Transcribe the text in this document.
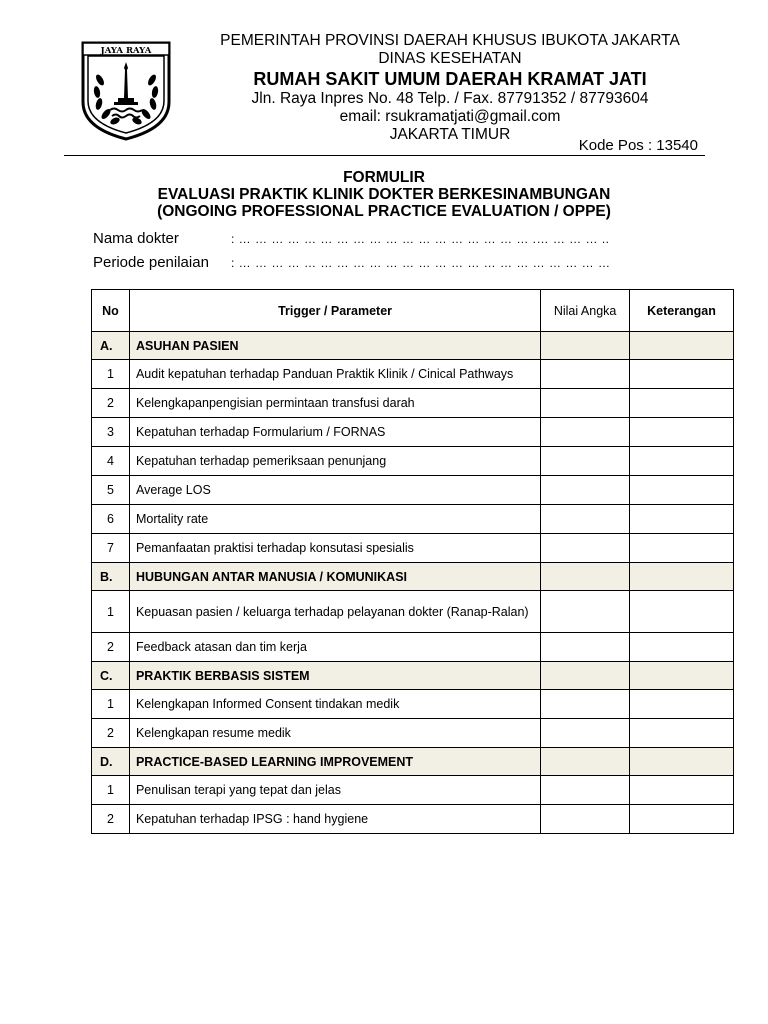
JAYA RAYA
PEMERINTAH PROVINSI DAERAH KHUSUS IBUKOTA JAKARTA
DINAS KESEHATAN
RUMAH SAKIT UMUM DAERAH KRAMAT JATI
Jln. Raya Inpres No. 48 Telp. / Fax. 87791352 / 87793604
email: rsukramatjati@gmail.com
JAKARTA TIMUR
Kode Pos : 13540
FORMULIR
EVALUASI PRAKTIK KLINIK DOKTER BERKESINAMBUNGAN
(ONGOING PROFESSIONAL PRACTICE EVALUATION / OPPE)
Nama dokter	: … … … … … … … … … … … … … … … … … … .… … … … ..
Periode penilaian	: … … … … … … … … … … … … … … … … … … … … … … …
No	Trigger / Parameter	Nilai Angka	Keterangan
A.	ASUHAN PASIEN		
1	Audit kepatuhan terhadap Panduan Praktik Klinik / Cinical Pathways		
2	Kelengkapanpengisian permintaan transfusi darah		
3	Kepatuhan terhadap Formularium / FORNAS		
4	Kepatuhan terhadap pemeriksaan penunjang		
5	Average LOS		
6	Mortality rate		
7	Pemanfaatan praktisi terhadap konsutasi spesialis		
B.	HUBUNGAN ANTAR MANUSIA / KOMUNIKASI		
1	Kepuasan pasien / keluarga terhadap pelayanan dokter (Ranap-Ralan)		
2	Feedback atasan dan tim kerja		
C.	PRAKTIK BERBASIS SISTEM		
1	Kelengkapan Informed Consent tindakan medik		
2	Kelengkapan resume medik		
D.	PRACTICE-BASED LEARNING IMPROVEMENT		
1	Penulisan terapi yang tepat dan jelas		
2	Kepatuhan terhadap IPSG : hand hygiene		
